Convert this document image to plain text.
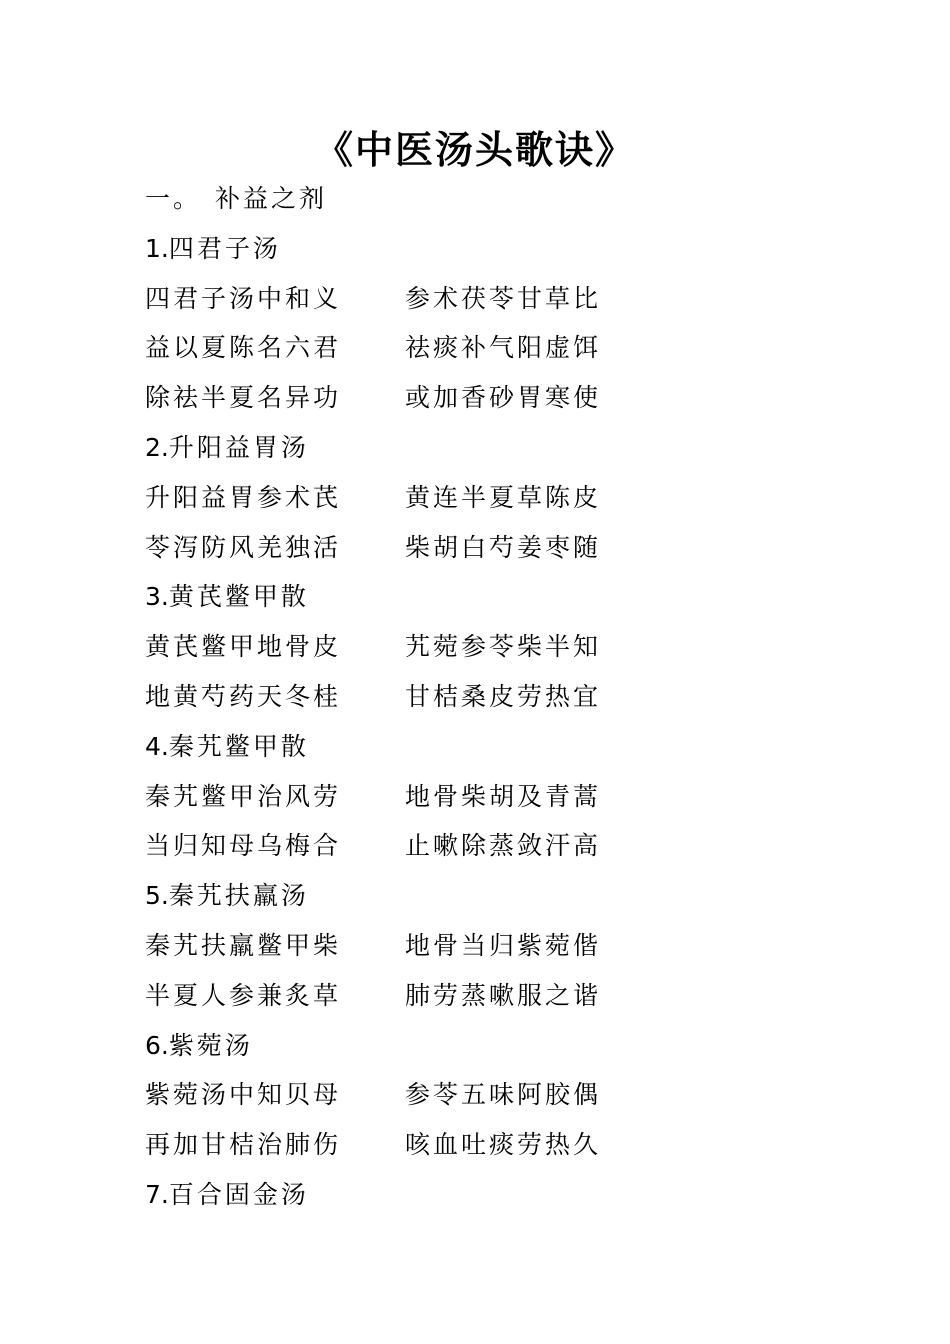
《中医汤头歌诀》
一。 补益之剂
1.四君子汤
四君子汤中和义	参术茯苓甘草比
益以夏陈名六君	祛痰补气阳虚饵
除祛半夏名异功	或加香砂胃寒使
2.升阳益胃汤
升阳益胃参术芪	黄连半夏草陈皮
苓泻防风羌独活	柴胡白芍姜枣随
3.黄芪鳖甲散
黄芪鳖甲地骨皮	艽菀参苓柴半知
地黄芍药天冬桂	甘桔桑皮劳热宜
4.秦艽鳖甲散
秦艽鳖甲治风劳	地骨柴胡及青蒿
当归知母乌梅合	止嗽除蒸敛汗高
5.秦艽扶羸汤
秦艽扶羸鳖甲柴	地骨当归紫菀偕
半夏人参兼炙草	肺劳蒸嗽服之谐
6.紫菀汤
紫菀汤中知贝母	参苓五味阿胶偶
再加甘桔治肺伤	咳血吐痰劳热久
7.百合固金汤
